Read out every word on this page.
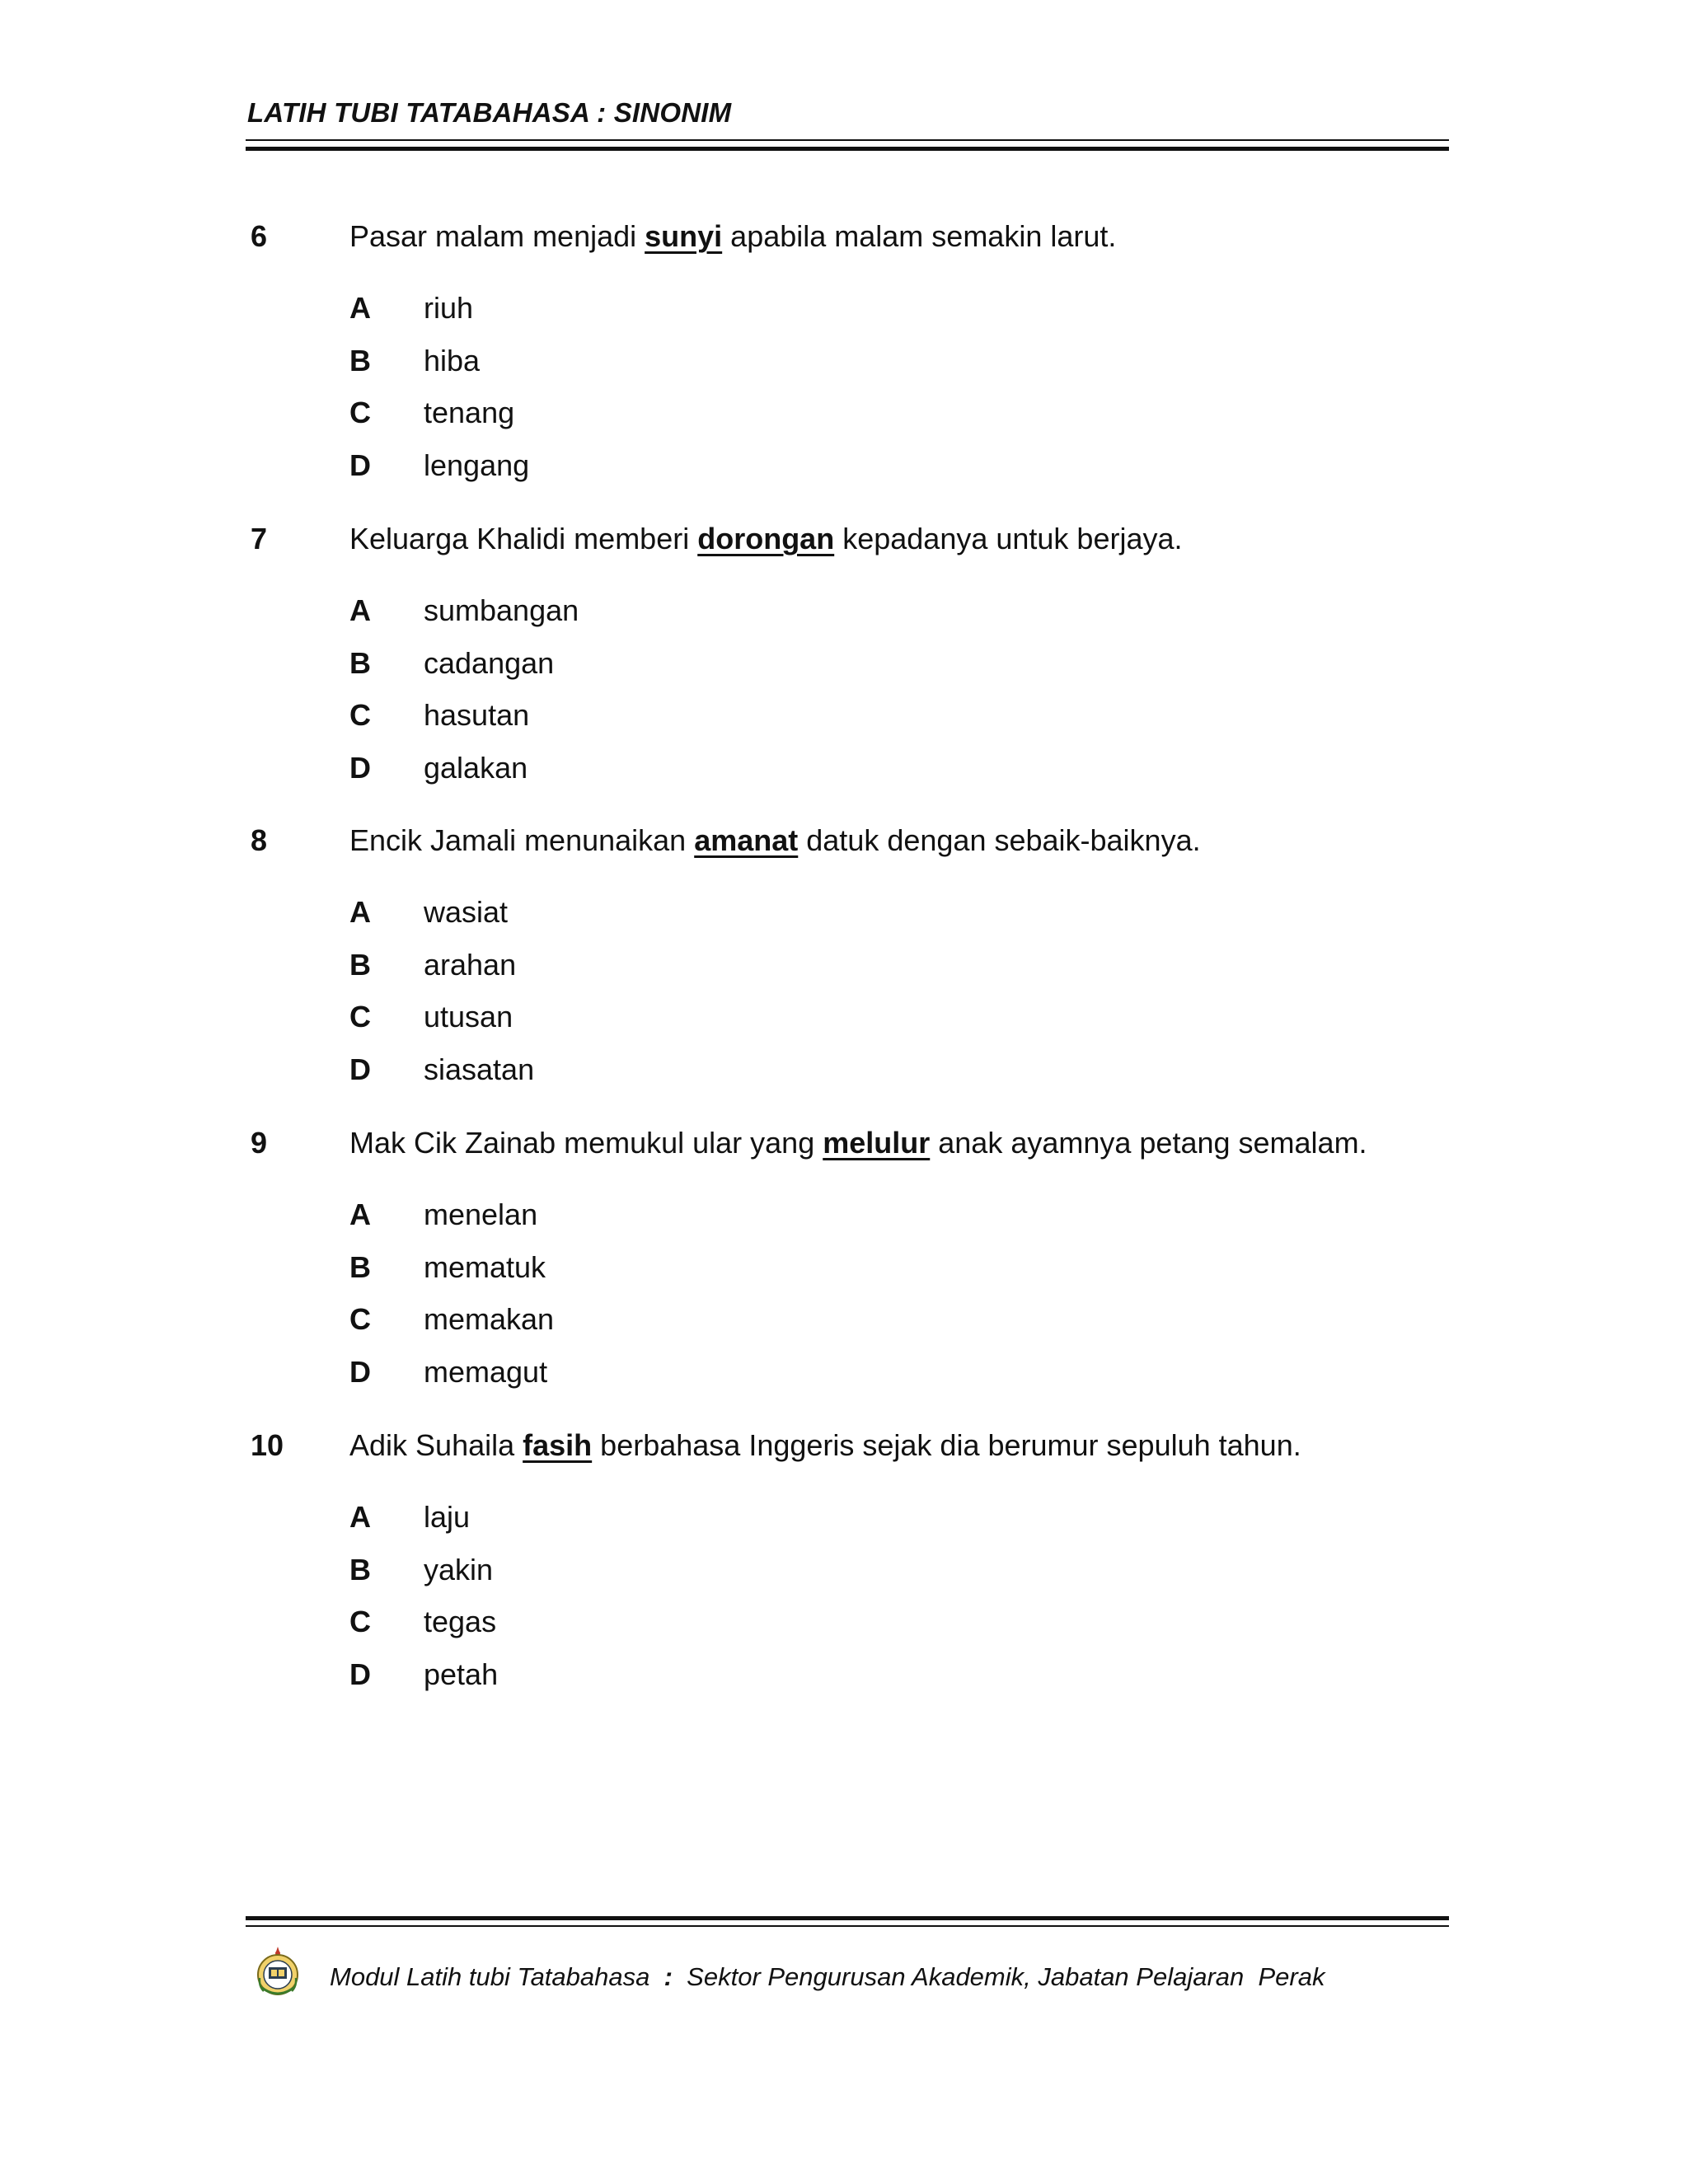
LATIH TUBI TATABAHASA : SINONIM
6	Pasar malam menjadi sunyi apabila malam semakin larut.
A riuh
B hiba
C tenang
D lengang
7	Keluarga Khalidi memberi dorongan kepadanya untuk berjaya.
A sumbangan
B cadangan
C hasutan
D galakan
8	Encik Jamali menunaikan amanat datuk dengan sebaik-baiknya.
A wasiat
B arahan
C utusan
D siasatan
9	Mak Cik Zainab memukul ular yang melulur anak ayamnya petang semalam.
A menelan
B mematuk
C memakan
D memagut
10 Adik Suhaila fasih berbahasa Inggeris sejak dia berumur sepuluh tahun.
A laju
B yakin
C tegas
D petah
Modul Latih tubi Tatabahasa : Sektor Pengurusan Akademik, Jabatan Pelajaran  Perak
